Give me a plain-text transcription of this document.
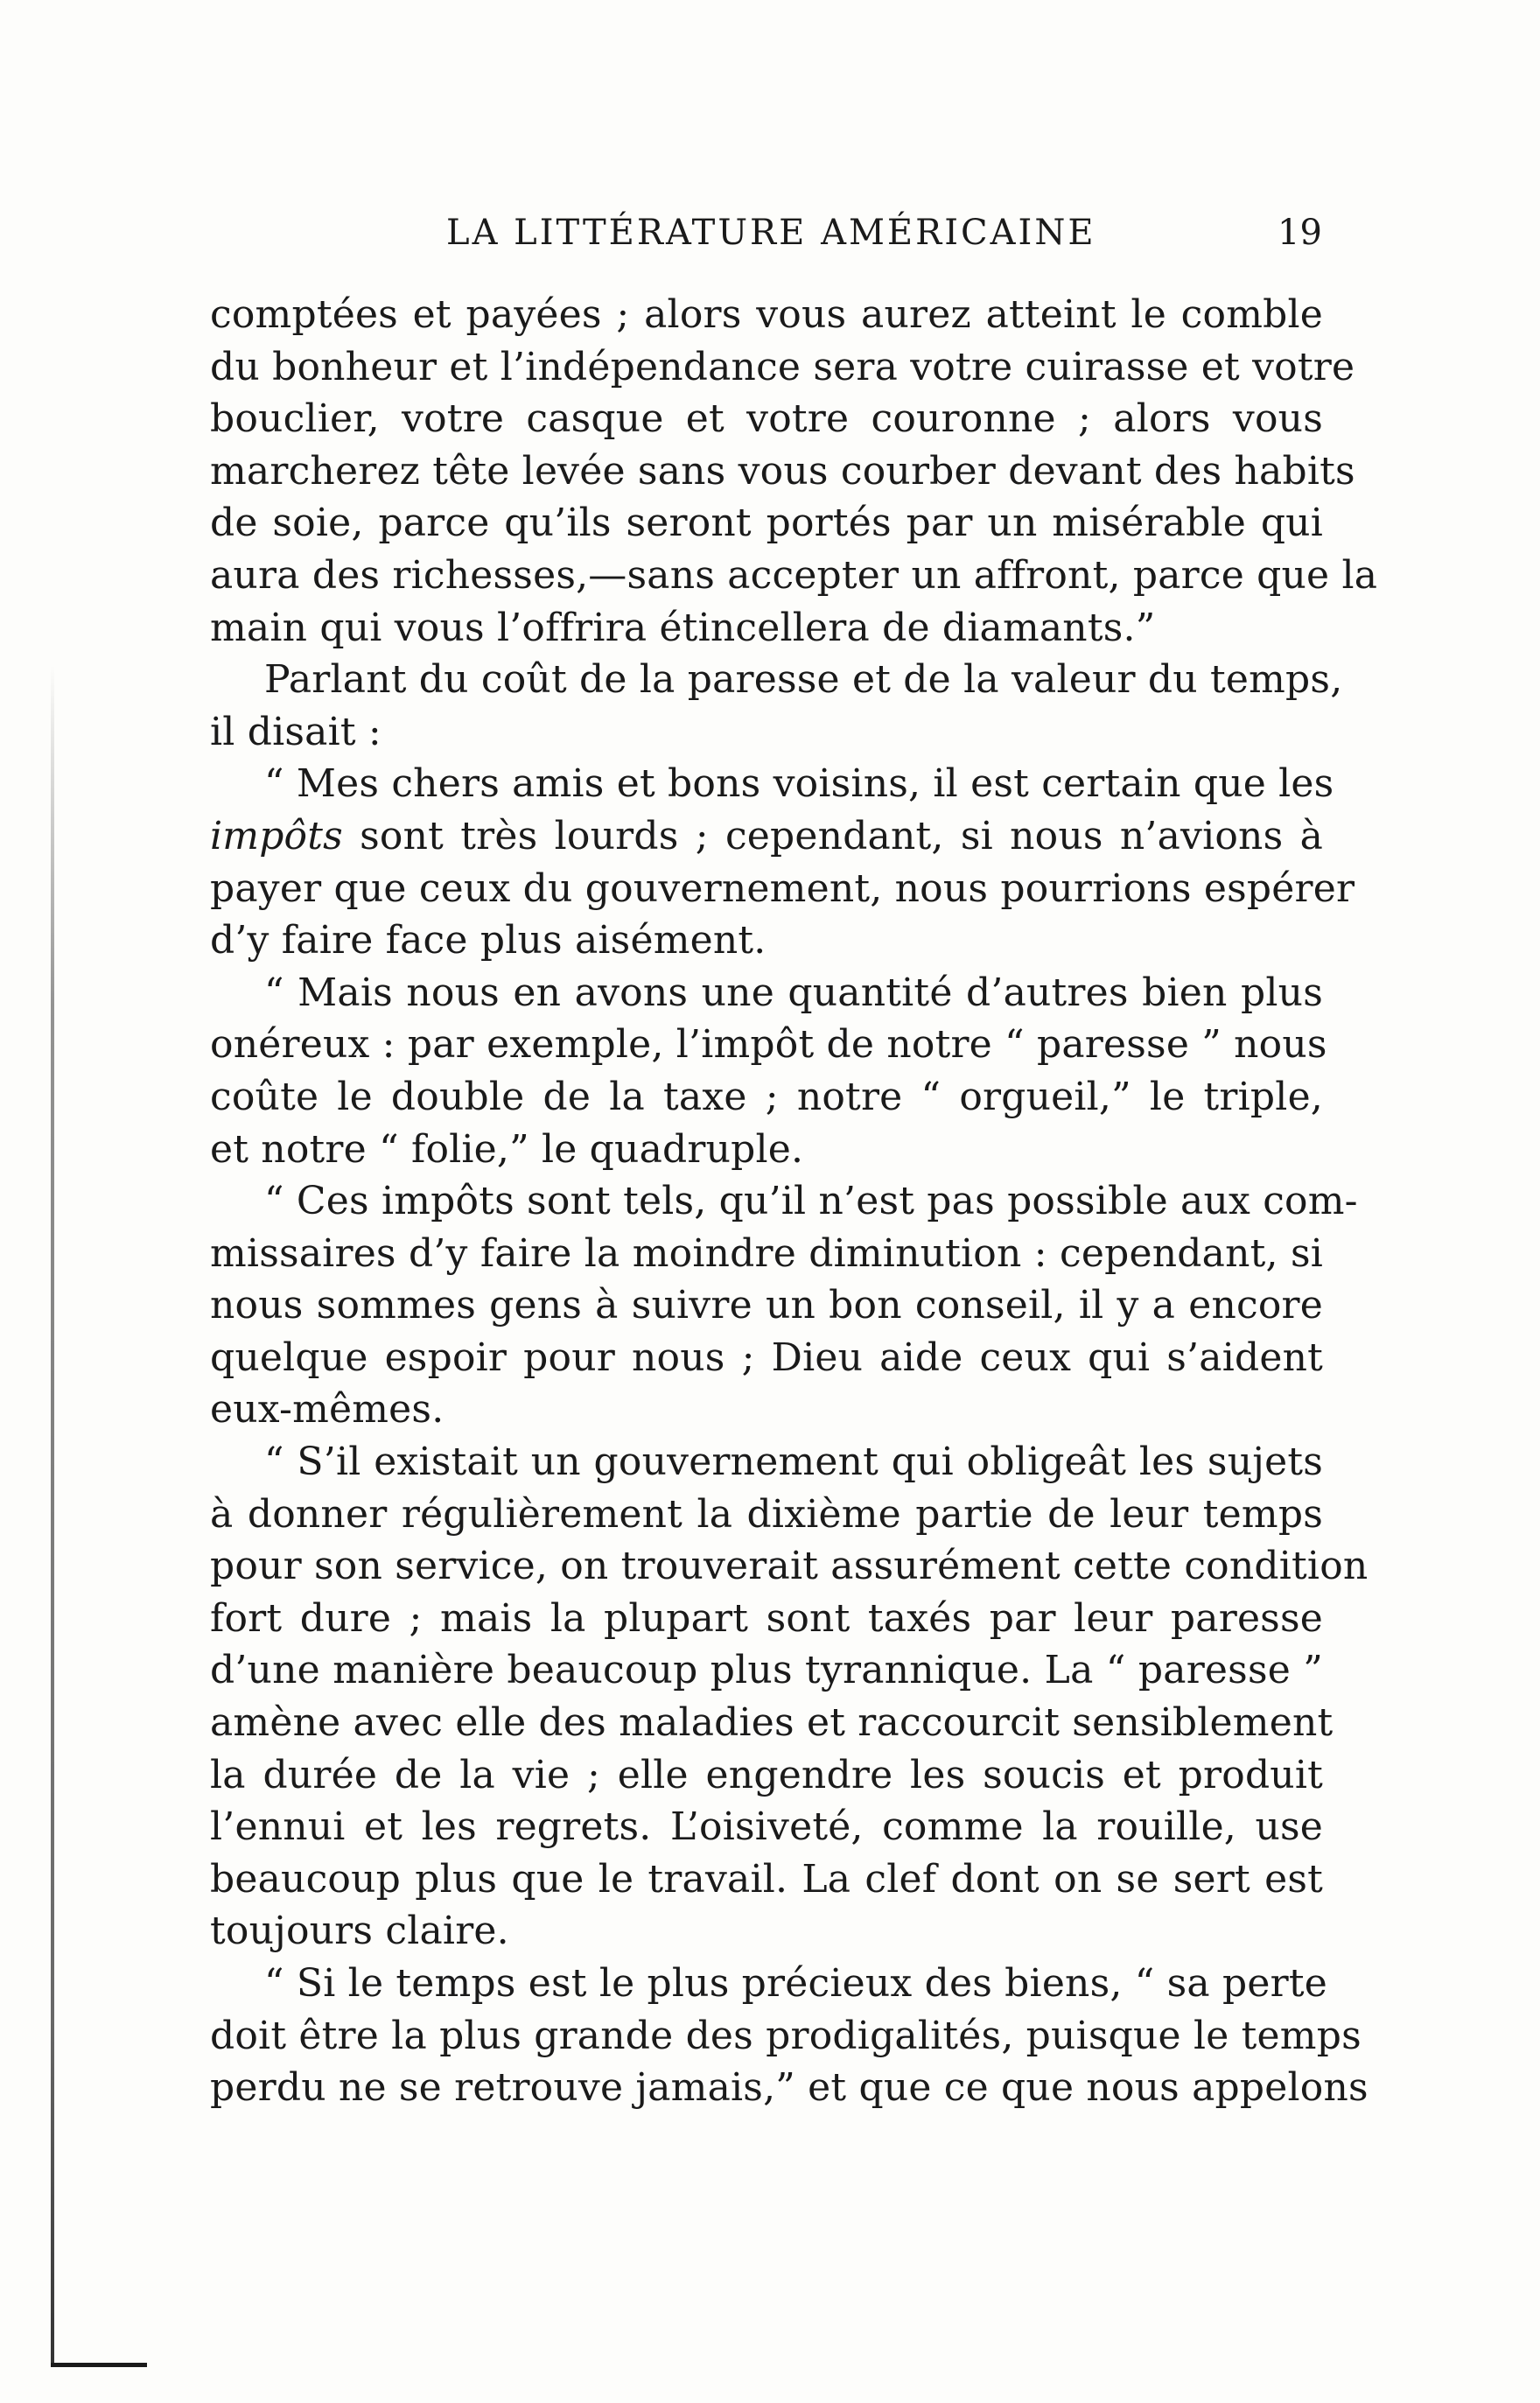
LA LITTÉRATURE AMÉRICAINE	19
comptées et payées ; alors vous aurez atteint le comble
du bonheur et l’indépendance sera votre cuirasse et votre
bouclier, votre casque et votre couronne ; alors vous
marcherez tête levée sans vous courber devant des habits
de soie, parce qu’ils seront portés par un misérable qui
aura des richesses,—sans accepter un affront, parce que la
main qui vous l’offrira étincellera de diamants.”
Parlant du coût de la paresse et de la valeur du temps,
il disait :
“ Mes chers amis et bons voisins, il est certain que les
impôts sont très lourds ; cependant, si nous n’avions à
payer que ceux du gouvernement, nous pourrions espérer
d’y faire face plus aisément.
“ Mais nous en avons une quantité d’autres bien plus
onéreux : par exemple, l’impôt de notre “ paresse ” nous
coûte le double de la taxe ; notre “ orgueil,” le triple,
et notre “ folie,” le quadruple.
“ Ces impôts sont tels, qu’il n’est pas possible aux com-
missaires d’y faire la moindre diminution : cependant, si
nous sommes gens à suivre un bon conseil, il y a encore
quelque espoir pour nous ; Dieu aide ceux qui s’aident
eux-mêmes.
“ S’il existait un gouvernement qui obligeât les sujets
à donner régulièrement la dixième partie de leur temps
pour son service, on trouverait assurément cette condition
fort dure ; mais la plupart sont taxés par leur paresse
d’une manière beaucoup plus tyrannique. La “ paresse ”
amène avec elle des maladies et raccourcit sensiblement
la durée de la vie ; elle engendre les soucis et produit
l’ennui et les regrets. L’oisiveté, comme la rouille, use
beaucoup plus que le travail. La clef dont on se sert est
toujours claire.
“ Si le temps est le plus précieux des biens, “ sa perte
doit être la plus grande des prodigalités, puisque le temps
perdu ne se retrouve jamais,” et que ce que nous appelons
